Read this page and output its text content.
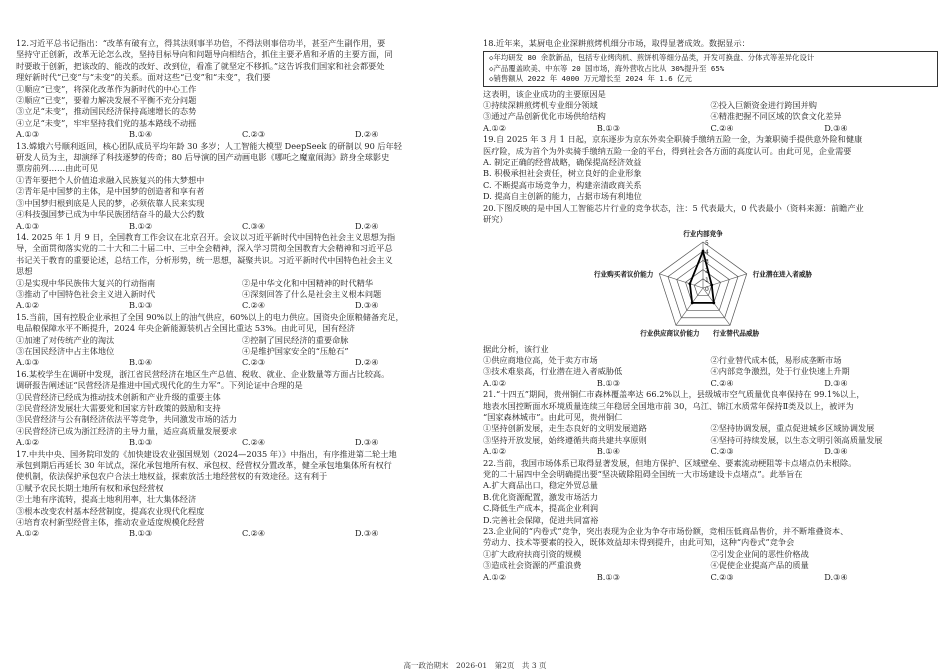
12.习近平总书记指出：“改革有破有立，得其法则事半功倍，不得法则事倍功半，甚至产生副作用，要
坚持守正创新，改革无论怎么改，坚持目标导向和问题导向相结合，抓住主要矛盾和矛盾的主要方面，同
时要敢于创新，把该改的、能改的改好、改到位，看准了就坚定不移抓。”这告诉我们国家和社会都要处
理好新时代“已变”与“未变”的关系。面对这些“已变”和“未变”，我们要
①顺应“已变”，将深化改革作为新时代的中心工作
②顺应“已变”，要着力解决发展不平衡不充分问题
③立足“未变”，推动国民经济保持高速增长的态势
④立足“未变”，牢牢坚持我们党的基本路线不动摇
A.①③	B.①④	C.②③	D.②④
13.嫦娥六号顺利返回，核心团队成员平均年龄 30 多岁；人工智能大模型 DeepSeek 的研制以 90 后年轻
研发人员为主，却演绎了科技逐梦的传奇；80 后导演的国产动画电影《哪吒之魔童闹海》跻身全球影史
票房前列……由此可见
①青年要把个人价值追求融入民族复兴的伟大梦想中
②青年是中国梦的主体，是中国梦的创造者和享有者
③中国梦归根到底是人民的梦，必须依靠人民来实现
④科技强国梦已成为中华民族团结奋斗的最大公约数
A.①③	B.①②	C.③④	D.②④
14. 2025 年 1 月 9 日，全国教育工作会议在北京召开。会议以习近平新时代中国特色社会主义思想为指
导，全面贯彻落实党的二十大和二十届二中、三中全会精神，深入学习贯彻全国教育大会精神和习近平总
书记关于教育的重要论述，总结工作，分析形势，统一思想，凝聚共识。习近平新时代中国特色社会主义
思想
①是实现中华民族伟大复兴的行动指南	②是中华文化和中国精神的时代精华
③推动了中国特色社会主义进入新时代	④深刻回答了什么是社会主义根本问题
A.①②	B.①③	C.②④	D.③④
15.当前，国有控股企业承担了全国 90%以上的油气供应，60%以上的电力供应。国资央企原粮储备充足，
电品粮保障水平不断提升，2024 年央企新能源装机占全国比重达 53%。由此可见，国有经济
①加速了对传统产业的淘汰	②控制了国民经济的重要命脉
③在国民经济中占主体地位	④是维护国家安全的“压舱石”
A.①③	B.①④	C.②③	D.②④
16.某校学生在调研中发现，浙江省民营经济在地区生产总值、税收、就业、企业数量等方面占比较高。
调研报告阐述证“民营经济是推进中国式现代化的生力军”。下列论证中合理的是
①民营经济已经成为推动技术创新和产业升级的重要主体
②民营经济发展壮大需要党和国家方针政策的鼓励和支持
③民营经济与公有制经济依法平等竞争，共同激发市场的活力
④民营经济已成为浙江经济的主导力量，适应高质量发展要求
A.①②	B.①③	C.②④	D.③④
17.中共中央、国务院印发的《加快建设农业强国规划（2024—2035 年）》中指出，有序推进第二轮土地
承包到期后再延长 30 年试点，深化承包地所有权、承包权、经营权分置改革，健全承包地集体所有权行
使机制，依法保护承包农户合法土地权益，探索放活土地经营权的有效途径。这有利于
①赋予农民长期土地所有权和承包经营权
②土地有序流转，提高土地利用率，壮大集体经济
③根本改变农村基本经营制度，提高农业现代化程度
④培育农村新型经营主体，推动农业适度规模化经营
A.①②	B.①③	C.②④	D.③④
18.近年来，某厨电企业深耕煎烤机细分市场，取得显著成效。数据显示：
◇年均研发 80 余款新品，包括专业烤肉机、煎饼机等细分品类，开发可换盘、分体式等差异化设计
◇产品覆盖欧美、中东等 20 国市场，海外营收占比从 30%提升至 65%
◇销售额从 2022 年 4000 万元增长至 2024 年 1.6 亿元
这表明，该企业成功的主要原因是
①持续深耕煎烤机专业细分领域	②投入巨额资金进行跨国并购
③通过产品创新优化市场供给结构	④精准把握不同区域的饮食文化差异
A.①②	B.①③	C.②④	D.③④
19.自 2025 年 3 月 1 日起，京东逐步为京东外卖全职骑手缴纳五险一金，为兼职骑手提供意外险和健康
医疗险，成为首个为外卖骑手缴纳五险一金的平台，得到社会各方面的高度认可。由此可见，企业需要
A. 制定正确的经营战略，确保提高经济效益
B. 积极承担社会责任，树立良好的企业形象
C. 不断提高市场竞争力，构建亲清政商关系
D. 提高自主创新的能力，占据市场有利地位
20.下图反映的是中国人工智能芯片行业的竞争状态，注：5 代表最大，0 代表最小（资料来源：前瞻产业
研究）
0
1
2
3
4
5
行业内部竞争
行业潜在进入者威胁
行业替代品威胁
行业供应商议价能力
行业购买者议价能力
据此分析，该行业
①供应商地位高，处于卖方市场	②行业替代成本低，易形成垄断市场
③技术难泉高，行业潜在进入者威胁低	④内部竞争激烈，处于行业快速上升期
A.①②	B.①③	C.②④	D.③④
21.“十四五”期间，贵州铜仁市森林覆盖率达 66.2%以上，县级城市空气质量优良率保持在 99.1%以上，
地表水国控断面水环境质量连续三年稳居全国地市前 30，乌江、锦江水质常年保持Ⅱ类及以上，被评为
“国家森林城市”。由此可见，贵州铜仁
①坚持创新发展，走生态良好的文明发展道路	②坚持协调发展，重点促进城乡区域协调发展
③坚持开放发展，始终遵循共商共建共享原则	④坚持可持续发展，以生态文明引领高质量发展
A.①②	B.①④	C.②③	D.③④
22.当前，我国市场体系已取得显著发展，但地方保护、区域壁垒、要素流动梗阻等卡点堵点仍未根除。
党的二十届四中全会明确提出要“坚决破除阻碍全国统一大市场建设卡点堵点”。此举旨在
A.扩大商品出口，稳定外贸总量
B.优化资源配置，激发市场活力
C.降低生产成本，提高企业利润
D.完善社会保障，促进共同富裕
23.企业间的“内卷式”竞争，突出表现为企业为争夺市场份额，竞相压低商品售价，并不断堆叠资本、
劳动力、技术等要素的投入，既体效益却未得到提升，由此可知，这种“内卷式”竞争会
①扩大政府扶商引资的规模	②引发企业间的恶性价格战
③造成社会资源的严重浪费	④促使企业提高产品的质量
A.①②	B.①③	C.②③	D.③④
高一政治期末　2026-01　第2页　共 3 页
